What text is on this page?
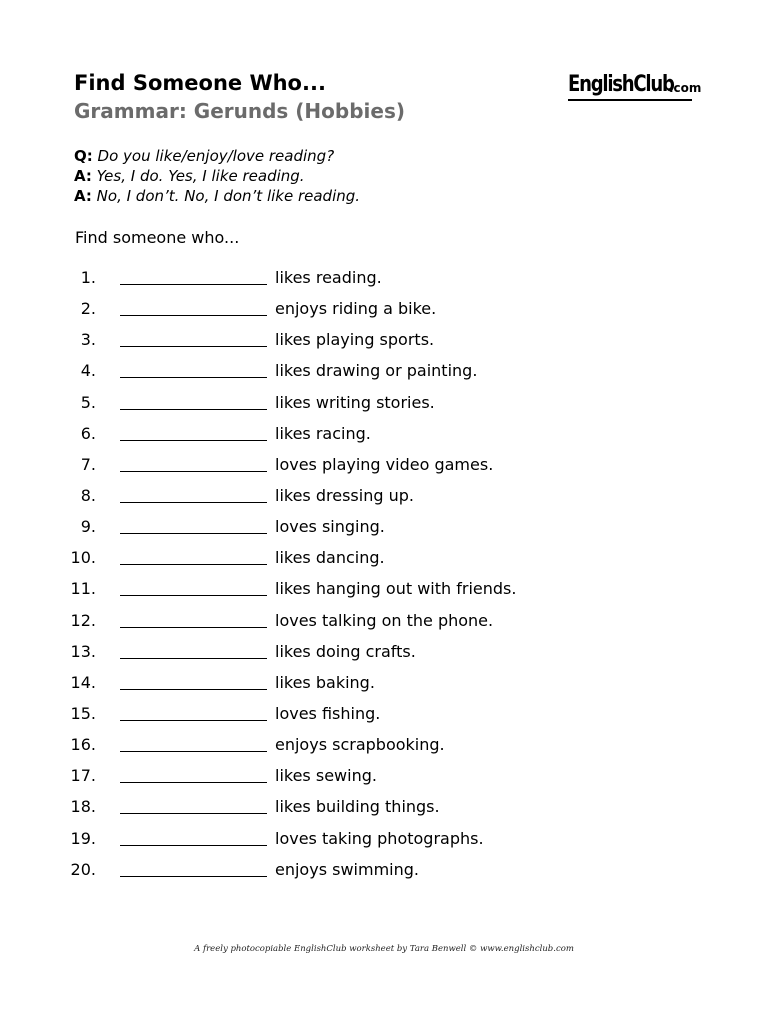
Find Someone Who...
Grammar: Gerunds (Hobbies)
EnglishClub
.com
Q: Do you like/enjoy/love reading?
A: Yes, I do. Yes, I like reading.
A: No, I don’t. No, I don’t like reading.
Find someone who...
1.	likes reading.
2.	enjoys riding a bike.
3.	likes playing sports.
4.	likes drawing or painting.
5.	likes writing stories.
6.	likes racing.
7.	loves playing video games.
8.	likes dressing up.
9.	loves singing.
10.	likes dancing.
11.	likes hanging out with friends.
12.	loves talking on the phone.
13.	likes doing crafts.
14.	likes baking.
15.	loves fishing.
16.	enjoys scrapbooking.
17.	likes sewing.
18.	likes building things.
19.	loves taking photographs.
20.	enjoys swimming.
A freely photocopiable EnglishClub worksheet by Tara Benwell © www.englishclub.com
